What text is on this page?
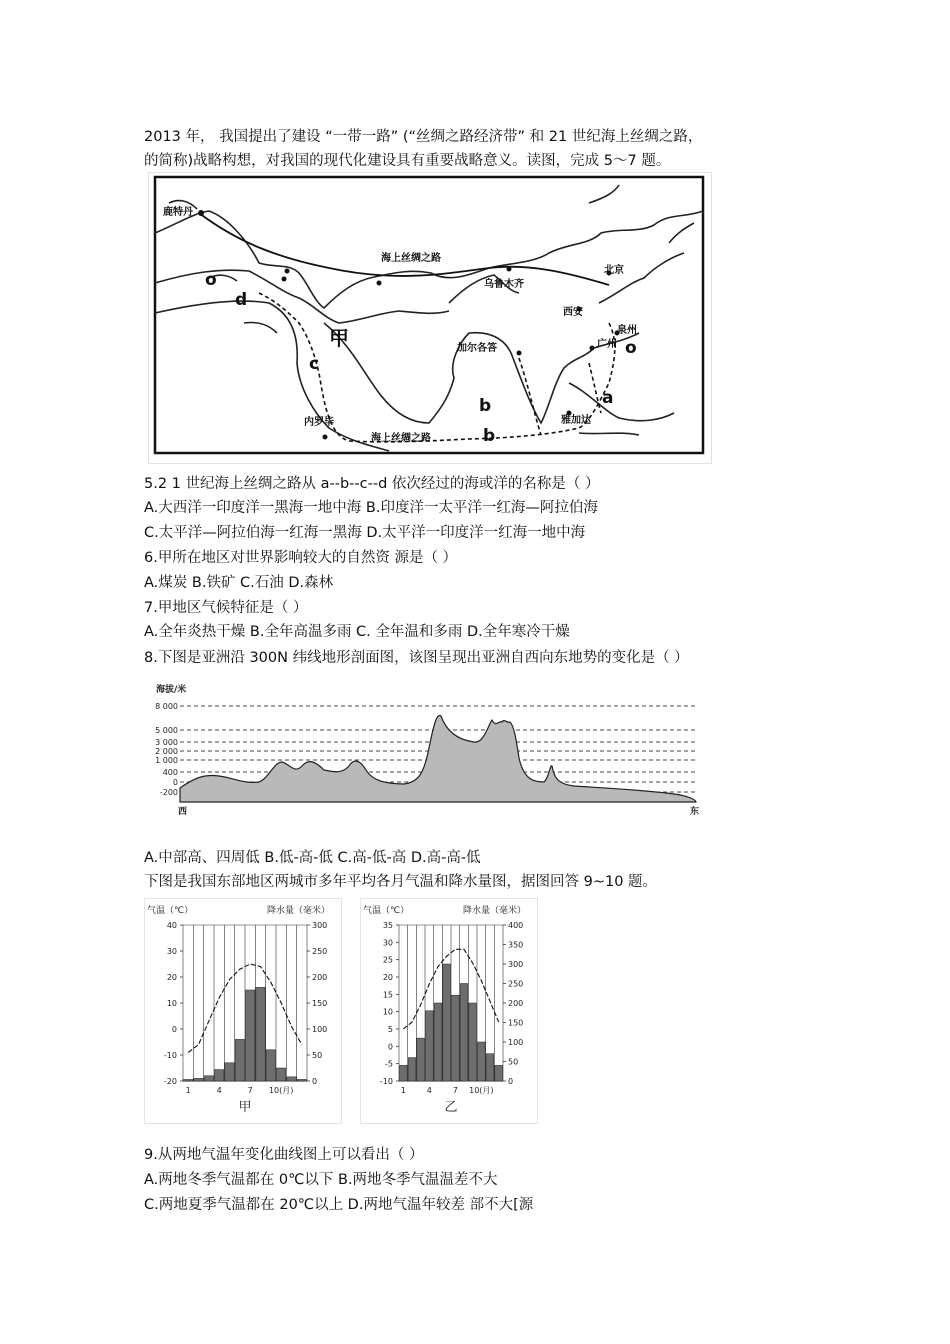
2013 年， 我国提出了建设 “一带一路” (“丝绸之路经济带” 和 21 世纪海上丝绸之路，
的简称)战略构想，对我国的现代化建设具有重要战略意义。读图，完成 5～7 题。
鹿特丹
海上丝绸之路
乌鲁木齐
北京
西安
泉州
广州
甲	加尔各答
内罗毕
海上丝绸之路
雅加达
a
b
b
c
d
o
o
5.2 1 世纪海上丝绸之路从 a--b--c--d 依次经过的海或洋的名称是（ ）
A.大西洋一印度洋一黑海一地中海 B.印度洋一太平洋一红海—阿拉伯海
C.太平洋—阿拉伯海一红海一黑海 D.太平洋一印度洋一红海一地中海
6.甲所在地区对世界影响较大的自然资 源是（ ）
A.煤炭 B.铁矿 C.石油 D.森林
7.甲地区气候特征是（ ）
A.全年炎热干燥 B.全年高温多雨 C. 全年温和多雨 D.全年寒冷干燥
8.下图是亚洲沿 300N 纬线地形剖面图，该图呈现出亚洲自西向东地势的变化是（ ）
海拔/米
8 000
5 000
3 000
2 000
1 000
400
0
-200
西	东
A.中部高、四周低 B.低-高-低 C.高-低-高 D.高-高-低
下图是我国东部地区两城市多年平均各月气温和降水量图，据图回答 9~10 题。
气温（℃）	降水量（毫米）
40
30
20
10
0
-10
-20
300
250
200
150
100
50
0
1	4	7 10(月)
甲
气温（℃）	降水量（毫米）
35
30
25
20
15
10
5
0
-5
-10
400
350
300
250
200
150
100
50
0
1	4	7 10(月)
乙
9.从两地气温年变化曲线图上可以看出（ ）
A.两地冬季气温都在 0℃以下 B.两地冬季气温温差不大
C.两地夏季气温都在 20℃以上 D.两地气温年较差 部不大[源
